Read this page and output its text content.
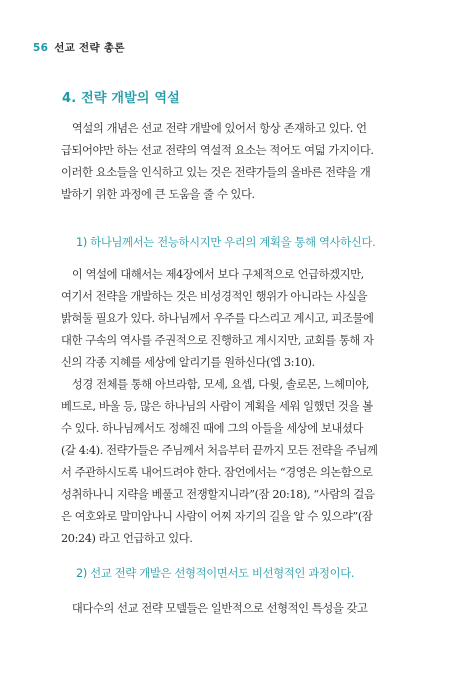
56 선교 전략 총론
4. 전략 개발의 역설

　역설의 개념은 선교 전략 개발에 있어서 항상 존재하고 있다. 언
급되어야만 하는 선교 전략의 역설적 요소는 적어도 여덟 가지이다.
이러한 요소들을 인식하고 있는 것은 전략가들의 올바른 전략을 개
발하기 위한 과정에 큰 도움을 줄 수 있다.

1) 하나님께서는 전능하시지만 우리의 계획을 통해 역사하신다.

　이 역설에 대해서는 제4장에서 보다 구체적으로 언급하겠지만,
여기서 전략을 개발하는 것은 비성경적인 행위가 아니라는 사실을
밝혀둘 필요가 있다. 하나님께서 우주를 다스리고 계시고, 피조물에
대한 구속의 역사를 주권적으로 진행하고 계시지만, 교회를 통해 자
신의 각종 지혜를 세상에 알리기를 원하신다(엡 3:10).
　성경 전체를 통해 아브라함, 모세, 요셉, 다윗, 솔로몬, 느헤미야,
베드로, 바울 등, 많은 하나님의 사람이 계획을 세워 일했던 것을 볼
수 있다. 하나님께서도 정해진 때에 그의 아들을 세상에 보내셨다
(갈 4:4). 전략가들은 주님께서 처음부터 끝까지 모든 전략을 주님께
서 주관하시도록 내어드려야 한다. 잠언에서는 “경영은 의논함으로
성취하나니 지략을 베풀고 전쟁할지니라”(잠 20:18), “사람의 걸음
은 여호와로 말미암나니 사람이 어찌 자기의 길을 알 수 있으랴”(잠
20:24) 라고 언급하고 있다.

2) 선교 전략 개발은 선형적이면서도 비선형적인 과정이다.

　대다수의 선교 전략 모델들은 일반적으로 선형적인 특성을 갖고
